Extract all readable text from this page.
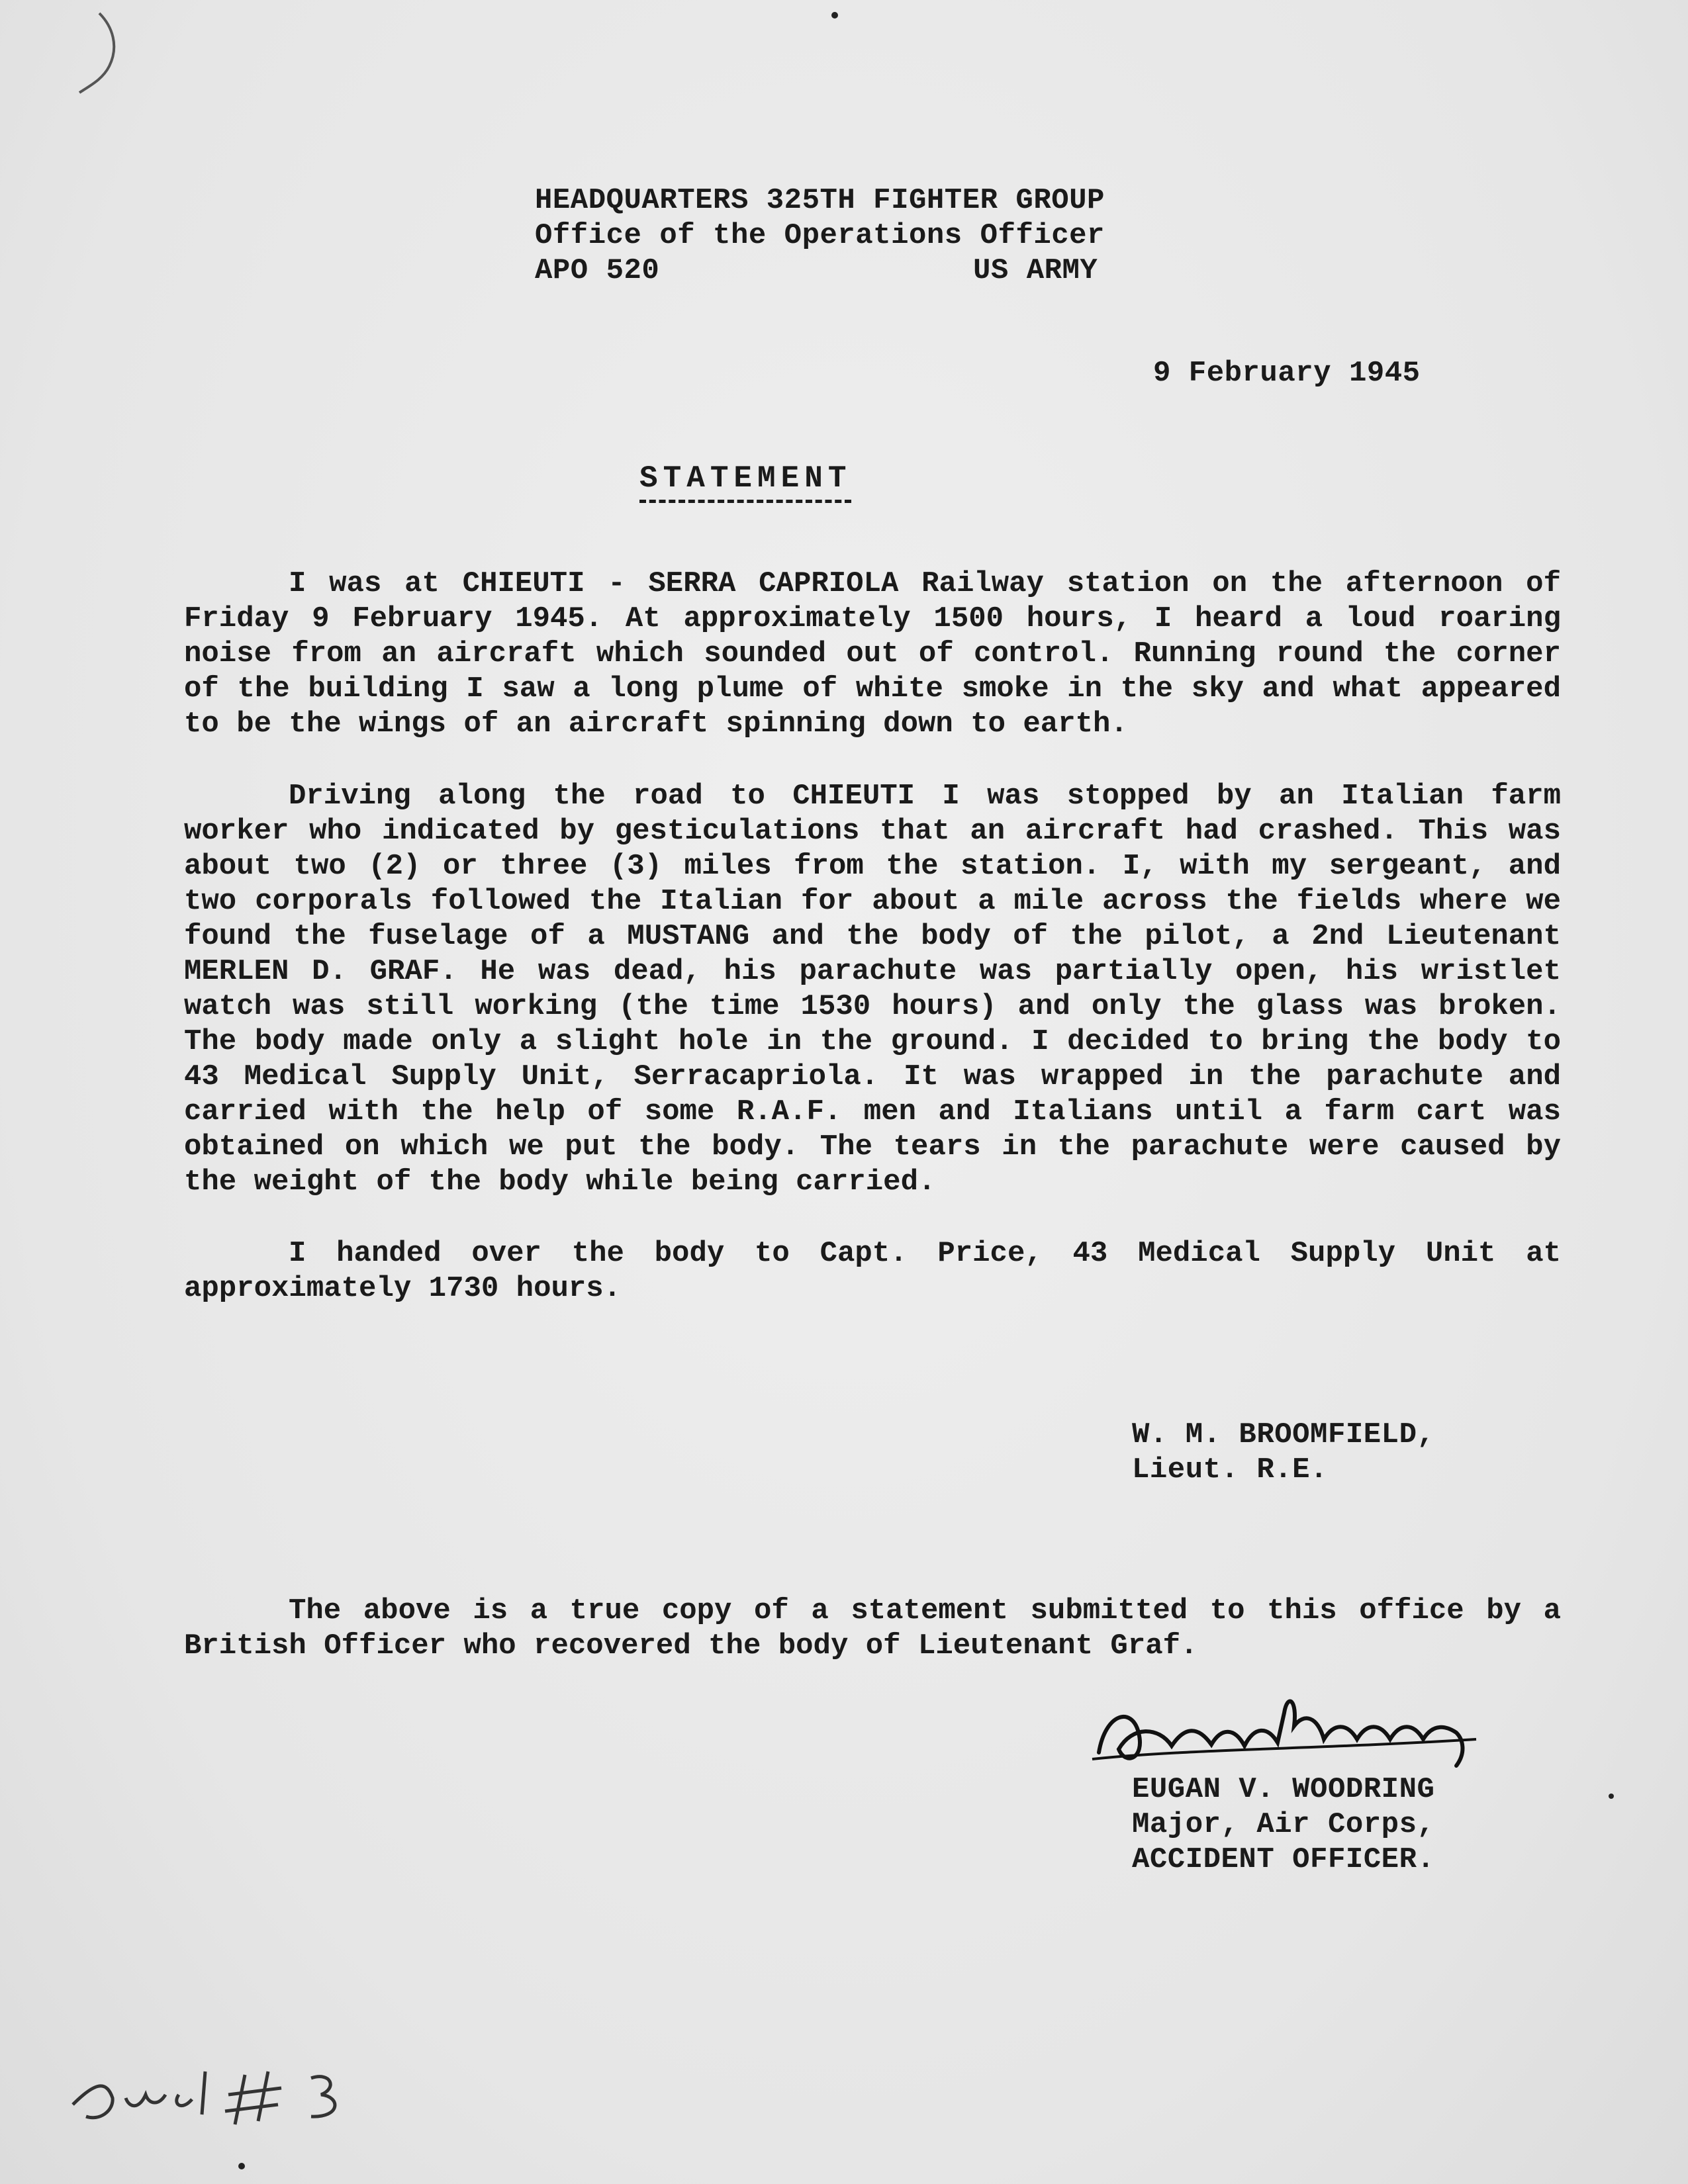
HEADQUARTERS 325TH FIGHTER GROUP
Office of the Operations Officer
APO 520	US ARMY
9 February 1945
STATEMENT

I was at CHIEUTI - SERRA CAPRIOLA Railway station on the afternoon of Friday 9 February 1945. At approximately 1500 hours, I heard a loud roaring noise from an aircraft which sounded out of control. Running round the corner of the building I saw a long plume of white smoke in the sky and what appeared to be the wings of an aircraft spinning down to earth.

Driving along the road to CHIEUTI I was stopped by an Italian farm worker who indicated by gesticulations that an aircraft had crashed. This was about two (2) or three (3) miles from the station. I, with my sergeant, and two corporals followed the Italian for about a mile across the fields where we found the fuselage of a MUSTANG and the body of the pilot, a 2nd Lieutenant MERLEN D. GRAF. He was dead, his parachute was partially open, his wristlet watch was still working (the time 1530 hours) and only the glass was broken. The body made only a slight hole in the ground. I decided to bring the body to 43 Medical Supply Unit, Serracapriola. It was wrapped in the parachute and carried with the help of some R.A.F. men and Italians until a farm cart was obtained on which we put the body. The tears in the parachute were caused by the weight of the body while being carried.

I handed over the body to Capt. Price, 43 Medical Supply Unit at approximately 1730 hours.

W. M. BROOMFIELD,
Lieut. R.E.

The above is a true copy of a statement submitted to this office by a British Officer who recovered the body of Lieutenant Graf.

EUGAN V. WOODRING
Major, Air Corps,
ACCIDENT OFFICER.
